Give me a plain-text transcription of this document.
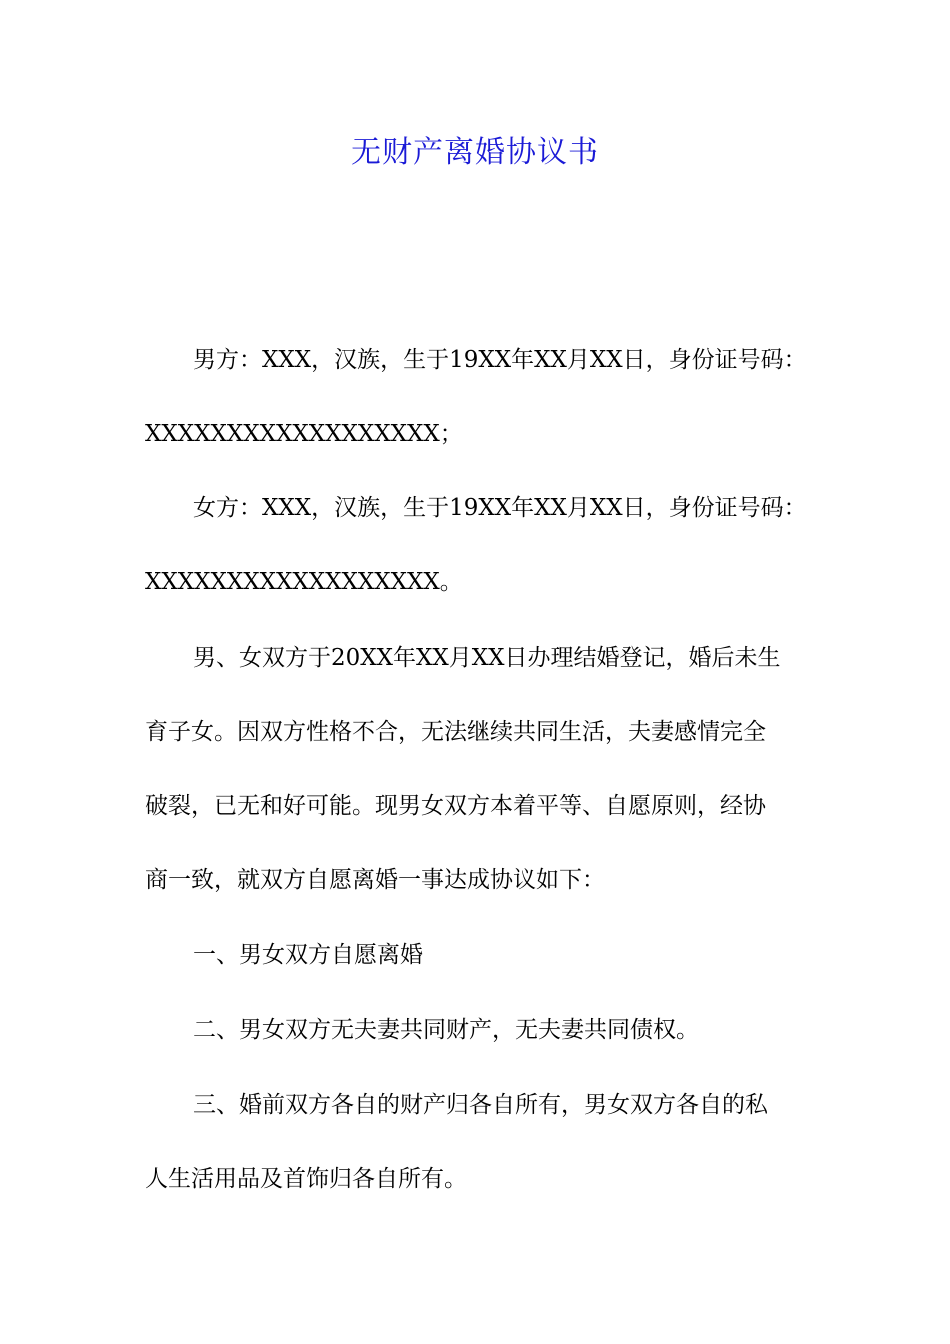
无财产离婚协议书
男方：XXX，汉族，生于19XX年XX月XX日，身份证号码：
XXXXXXXXXXXXXXXXXX；
女方：XXX，汉族，生于19XX年XX月XX日，身份证号码：
XXXXXXXXXXXXXXXXXX。
男、女双方于20XX年XX月XX日办理结婚登记，婚后未生
育子女。因双方性格不合，无法继续共同生活，夫妻感情完全
破裂，已无和好可能。现男女双方本着平等、自愿原则，经协
商一致，就双方自愿离婚一事达成协议如下：
一、男女双方自愿离婚
二、男女双方无夫妻共同财产，无夫妻共同债权。
三、婚前双方各自的财产归各自所有，男女双方各自的私
人生活用品及首饰归各自所有。
